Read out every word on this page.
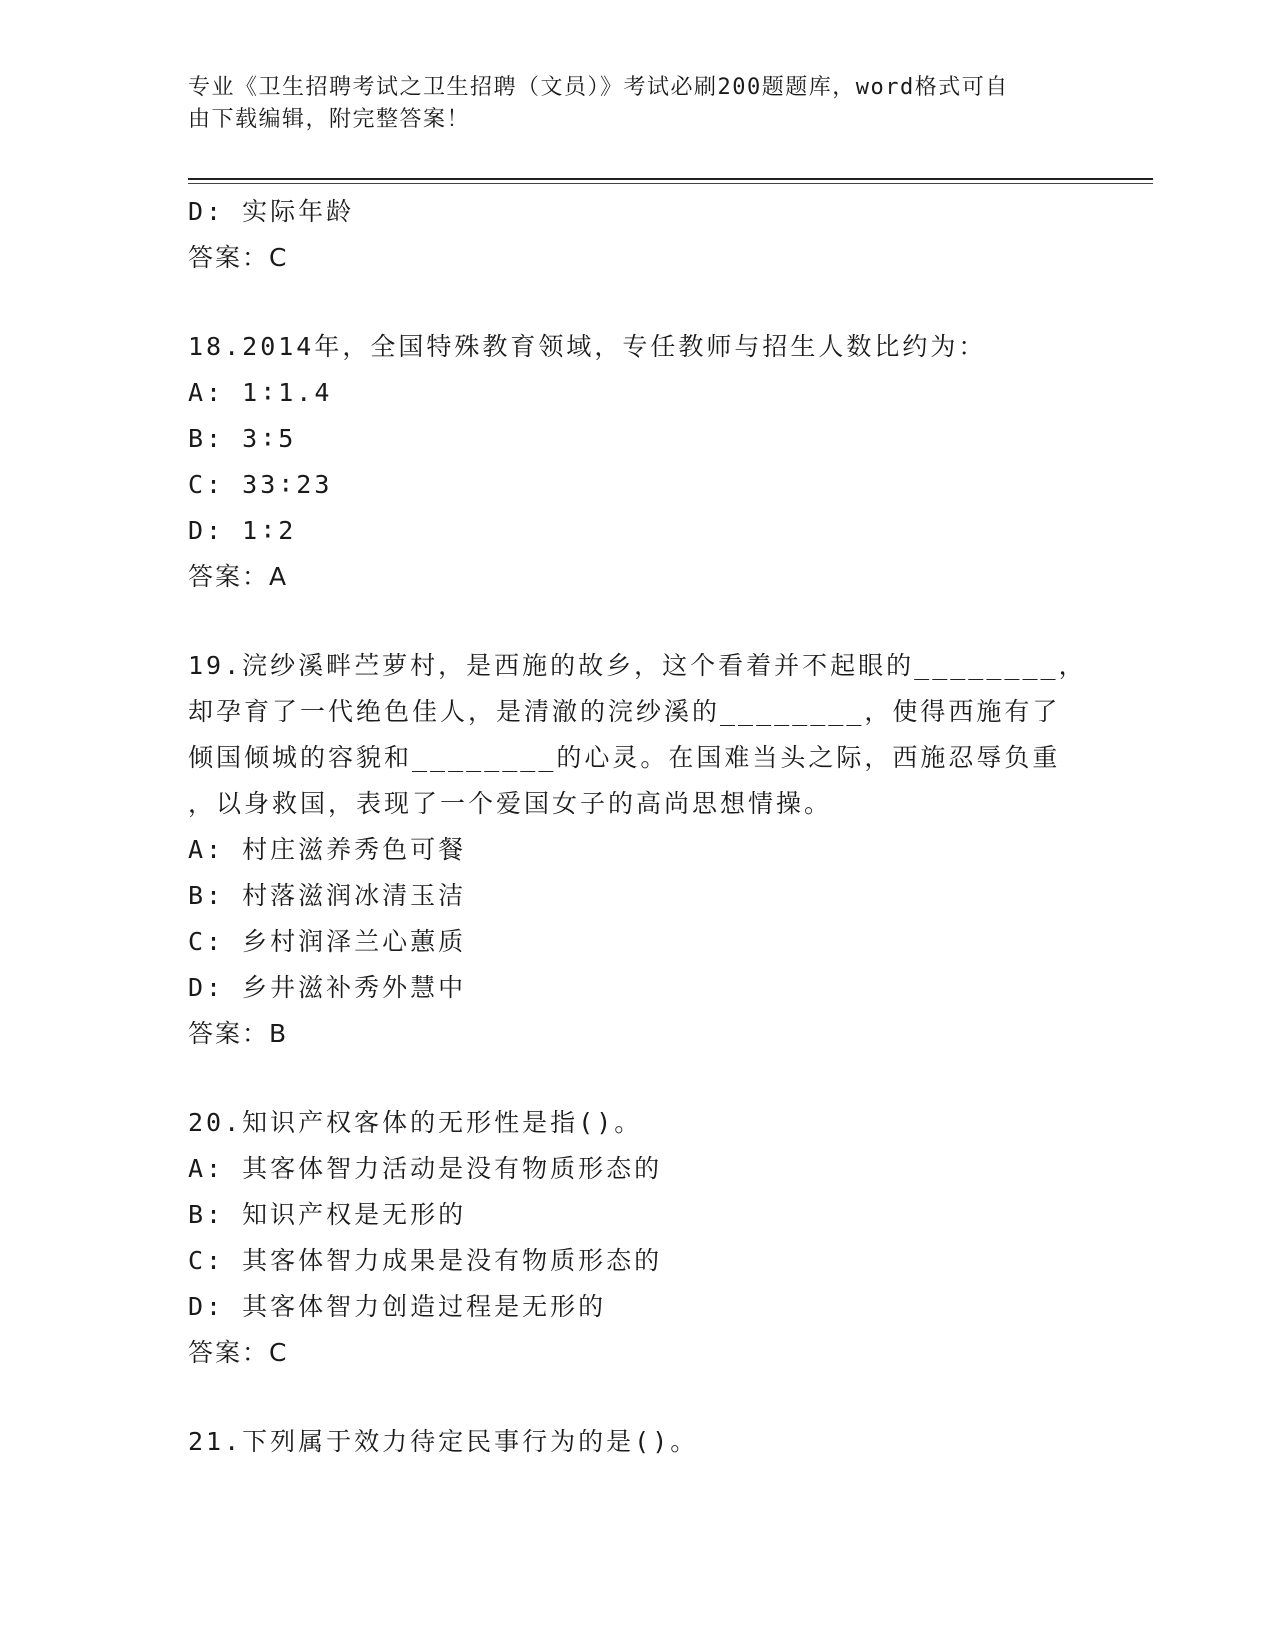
专业《卫生招聘考试之卫生招聘（文员）》考试必刷200题题库，word格式可自
由下载编辑，附完整答案！
D: 实际年龄
答案：C
18.2014年，全国特殊教育领域，专任教师与招生人数比约为：
A: 1∶1.4
B: 3∶5
C: 33∶23
D: 1∶2
答案：A
19.浣纱溪畔苎萝村，是西施的故乡，这个看着并不起眼的________，
却孕育了一代绝色佳人，是清澈的浣纱溪的________，使得西施有了
倾国倾城的容貌和________的心灵。在国难当头之际，西施忍辱负重
，以身救国，表现了一个爱国女子的高尚思想情操。
A: 村庄滋养秀色可餐
B: 村落滋润冰清玉洁
C: 乡村润泽兰心蕙质
D: 乡井滋补秀外慧中
答案：B
20.知识产权客体的无形性是指()。
A: 其客体智力活动是没有物质形态的
B: 知识产权是无形的
C: 其客体智力成果是没有物质形态的
D: 其客体智力创造过程是无形的
答案：C
21.下列属于效力待定民事行为的是()。
